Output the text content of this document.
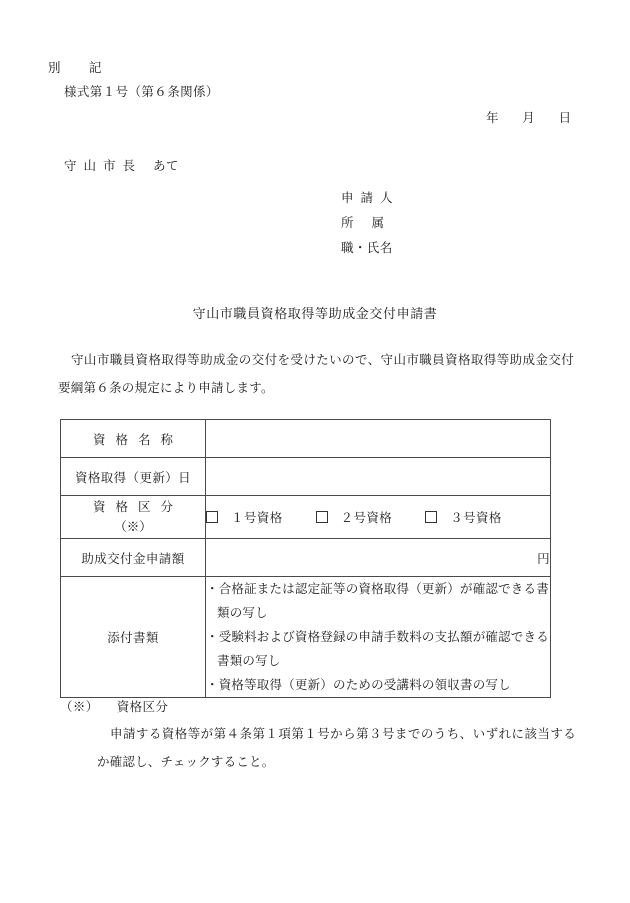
別　記
様式第１号（第６条関係）
年 月 日
守山市長 あて
申請人
所属
職・氏名
守山市職員資格取得等助成金交付申請書
守山市職員資格取得等助成金の交付を受けたいので、守山市職員資格取得等助成金交付要綱第６条の規定により申請します。
資格名称	

資格取得（更新）日	

資格区分
（※）	１号資格 ２号資格 ３号資格

助成交付金申請額	円

添付書類	・合格証または認定証等の資格取得（更新）が確認できる書類の写し
・受験料および資格登録の申請手数料の支払額が確認できる書類の写し
・資格等取得（更新）のための受講料の領収書の写し
（※） 資格区分
申請する資格等が第４条第１項第１号から第３号までのうち、いずれに該当するか確認し、チェックすること。
